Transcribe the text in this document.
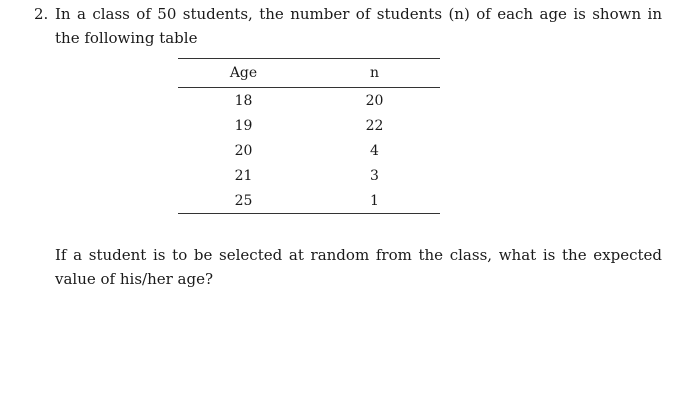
2. In a class of 50 students, the number of students (n) of each age is shown in the following table
Age	n
18	20
19	22
20	4
21	3
25	1
If a student is to be selected at random from the class, what is the expected value of his/her age?
